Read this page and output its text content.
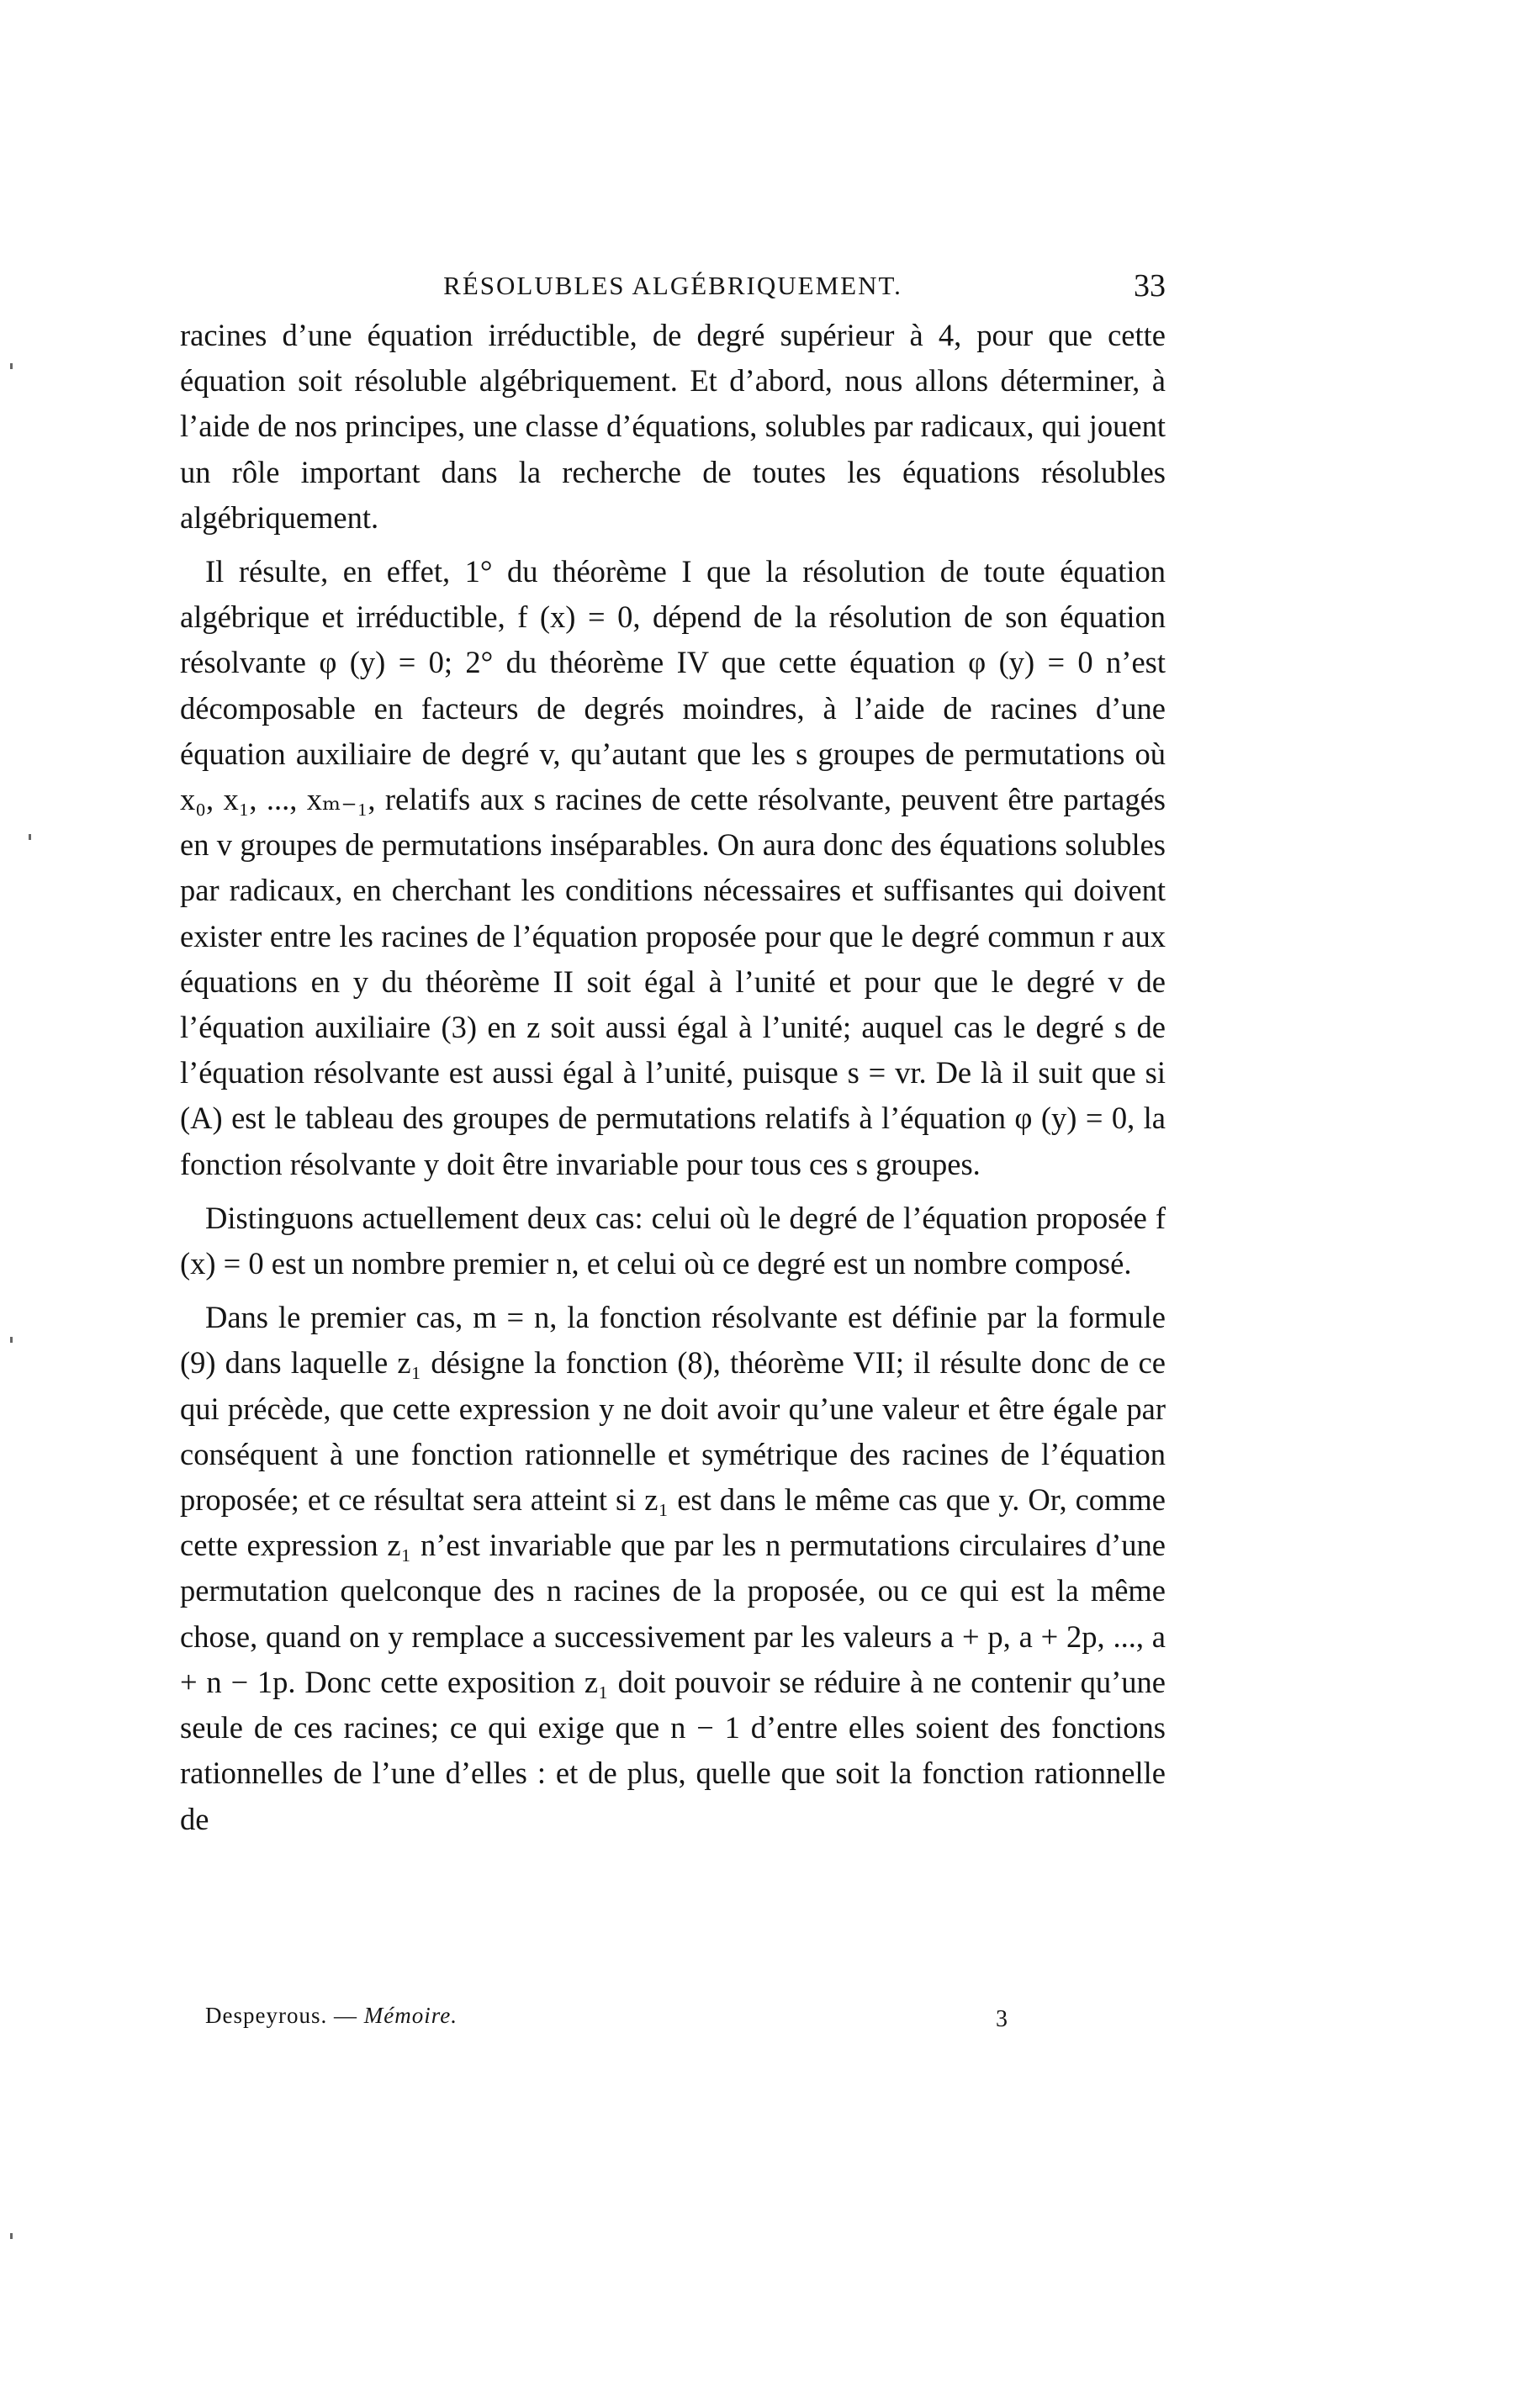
RÉSOLUBLES ALGÉBRIQUEMENT.	33

racines d’une équation irréductible, de degré supérieur à 4, pour que cette équation soit résoluble algébriquement. Et d’abord, nous allons déterminer, à l’aide de nos principes, une classe d’équations, solubles par radicaux, qui jouent un rôle important dans la recherche de toutes les équations résolubles algébriquement.

Il résulte, en effet, 1° du théorème I que la résolution de toute équation algébrique et irréductible, f (x) = 0, dépend de la résolution de son équation résolvante φ (y) = 0; 2° du théorème IV que cette équation φ (y) = 0 n’est décomposable en facteurs de degrés moindres, à l’aide de racines d’une équation auxiliaire de degré v, qu’autant que les s groupes de permutations où x₀, x₁, ..., xₘ₋₁, relatifs aux s racines de cette résolvante, peuvent être partagés en v groupes de permutations inséparables. On aura donc des équations solubles par radicaux, en cherchant les conditions nécessaires et suffisantes qui doivent exister entre les racines de l’équation proposée pour que le degré commun r aux équations en y du théorème II soit égal à l’unité et pour que le degré v de l’équation auxiliaire (3) en z soit aussi égal à l’unité; auquel cas le degré s de l’équation résolvante est aussi égal à l’unité, puisque s = vr. De là il suit que si (A) est le tableau des groupes de permutations relatifs à l’équation φ (y) = 0, la fonction résolvante y doit être invariable pour tous ces s groupes.

Distinguons actuellement deux cas: celui où le degré de l’équation proposée f (x) = 0 est un nombre premier n, et celui où ce degré est un nombre composé.

Dans le premier cas, m = n, la fonction résolvante est définie par la formule (9) dans laquelle z₁ désigne la fonction (8), théorème VII; il résulte donc de ce qui précède, que cette expression y ne doit avoir qu’une valeur et être égale par conséquent à une fonction rationnelle et symétrique des racines de l’équation proposée; et ce résultat sera atteint si z₁ est dans le même cas que y. Or, comme cette expression z₁ n’est invariable que par les n permutations circulaires d’une permutation quelconque des n racines de la proposée, ou ce qui est la même chose, quand on y remplace a successivement par les valeurs a + p, a + 2p, ..., a + n − 1p. Donc cette exposition z₁ doit pouvoir se réduire à ne contenir qu’une seule de ces racines; ce qui exige que n − 1 d’entre elles soient des fonctions rationnelles de l’une d’elles : et de plus, quelle que soit la fonction rationnelle de

Despeyrous. — Mémoire.	3
